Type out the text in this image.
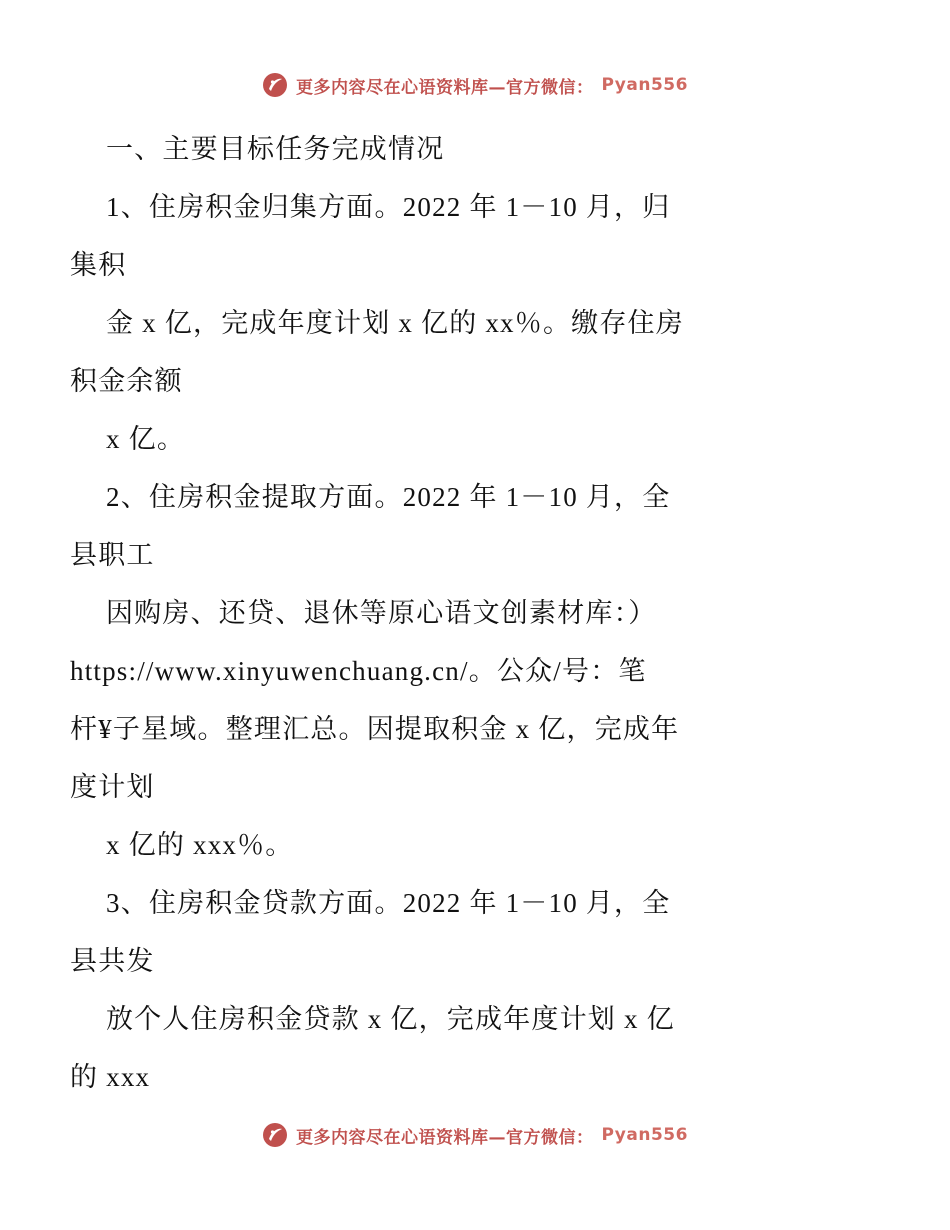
更多内容尽在心语资料库—官方微信： Pyan556

一、主要目标任务完成情况

1、住房积金归集方面。2022 年 1－10 月，归

集积

金 x 亿，完成年度计划 x 亿的 xx％。缴存住房

积金余额

x 亿。

2、住房积金提取方面。2022 年 1－10 月，全

县职工

因购房、还贷、退休等原心语文创素材库：）

https://www.xinyuwenchuang.cn/。公众/号：笔

杆¥子星域。整理汇总。因提取积金 x 亿，完成年

度计划

x 亿的 xxx％。

3、住房积金贷款方面。2022 年 1－10 月，全

县共发

放个人住房积金贷款 x 亿，完成年度计划 x 亿

的 xxx

更多内容尽在心语资料库—官方微信： Pyan556
